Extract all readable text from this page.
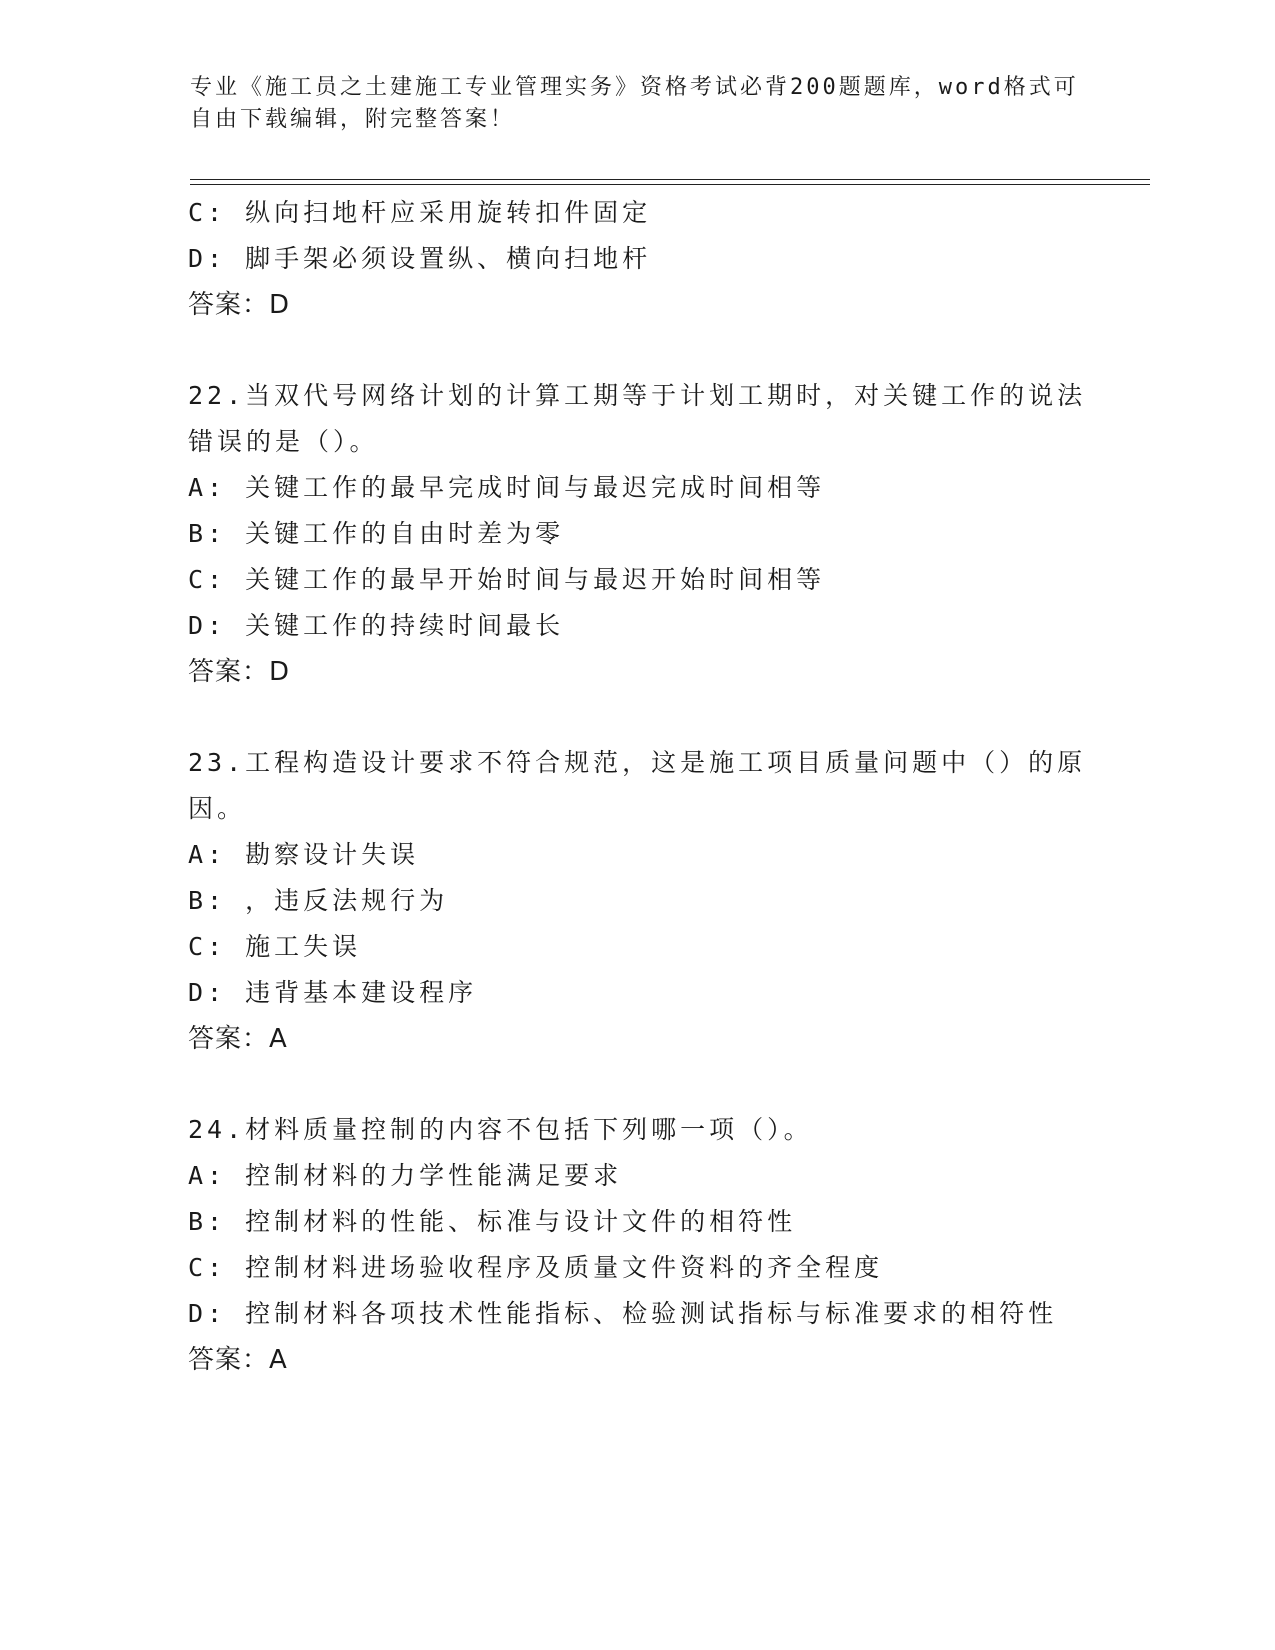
专业《施工员之土建施工专业管理实务》资格考试必背200题题库，word格式可
自由下载编辑，附完整答案！
C: 纵向扫地杆应采用旋转扣件固定
D: 脚手架必须设置纵、横向扫地杆
答案：D
22.当双代号网络计划的计算工期等于计划工期时，对关键工作的说法
错误的是（）。
A: 关键工作的最早完成时间与最迟完成时间相等
B: 关键工作的自由时差为零
C: 关键工作的最早开始时间与最迟开始时间相等
D: 关键工作的持续时间最长
答案：D
23.工程构造设计要求不符合规范，这是施工项目质量问题中（）的原
因。
A: 勘察设计失误
B: ，违反法规行为
C: 施工失误
D: 违背基本建设程序
答案：A
24.材料质量控制的内容不包括下列哪一项（）。
A: 控制材料的力学性能满足要求
B: 控制材料的性能、标准与设计文件的相符性
C: 控制材料进场验收程序及质量文件资料的齐全程度
D: 控制材料各项技术性能指标、检验测试指标与标准要求的相符性
答案：A
